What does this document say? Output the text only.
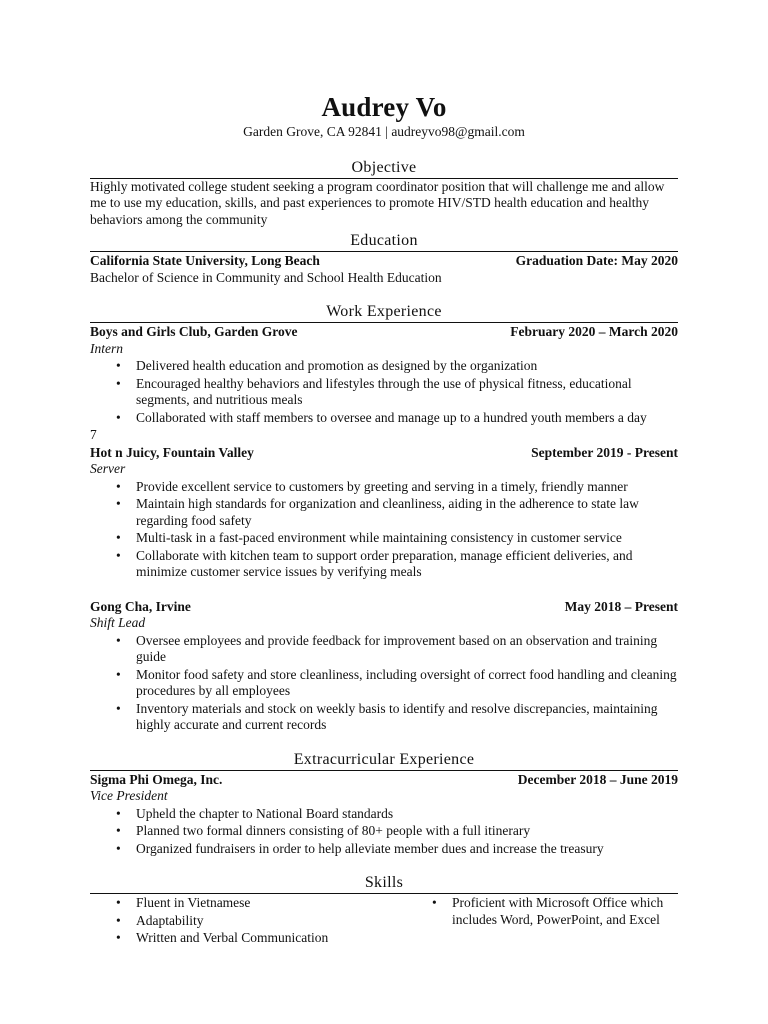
Audrey Vo
Garden Grove, CA 92841 | audreyvo98@gmail.com
Objective
Highly motivated college student seeking a program coordinator position that will challenge me and allow me to use my education, skills, and past experiences to promote HIV/STD health education and healthy behaviors among the community
Education
California State University, Long Beach	Graduation Date: May 2020
Bachelor of Science in Community and School Health Education
Work Experience
Boys and Girls Club, Garden Grove	February 2020 – March 2020
Intern
• Delivered health education and promotion as designed by the organization
• Encouraged healthy behaviors and lifestyles through the use of physical fitness, educational segments, and nutritious meals
• Collaborated with staff members to oversee and manage up to a hundred youth members a day
7
Hot n Juicy, Fountain Valley	September 2019 - Present
Server
• Provide excellent service to customers by greeting and serving in a timely, friendly manner
• Maintain high standards for organization and cleanliness, aiding in the adherence to state law regarding food safety
• Multi-task in a fast-paced environment while maintaining consistency in customer service
• Collaborate with kitchen team to support order preparation, manage efficient deliveries, and minimize customer service issues by verifying meals
Gong Cha, Irvine	May 2018 – Present
Shift Lead
• Oversee employees and provide feedback for improvement based on an observation and training guide
• Monitor food safety and store cleanliness, including oversight of correct food handling and cleaning procedures by all employees
• Inventory materials and stock on weekly basis to identify and resolve discrepancies, maintaining highly accurate and current records
Extracurricular Experience
Sigma Phi Omega, Inc.	December 2018 – June 2019
Vice President
• Upheld the chapter to National Board standards
• Planned two formal dinners consisting of 80+ people with a full itinerary
• Organized fundraisers in order to help alleviate member dues and increase the treasury
Skills
• Fluent in Vietnamese
• Adaptability
• Written and Verbal Communication
• Proficient with Microsoft Office which includes Word, PowerPoint, and Excel
